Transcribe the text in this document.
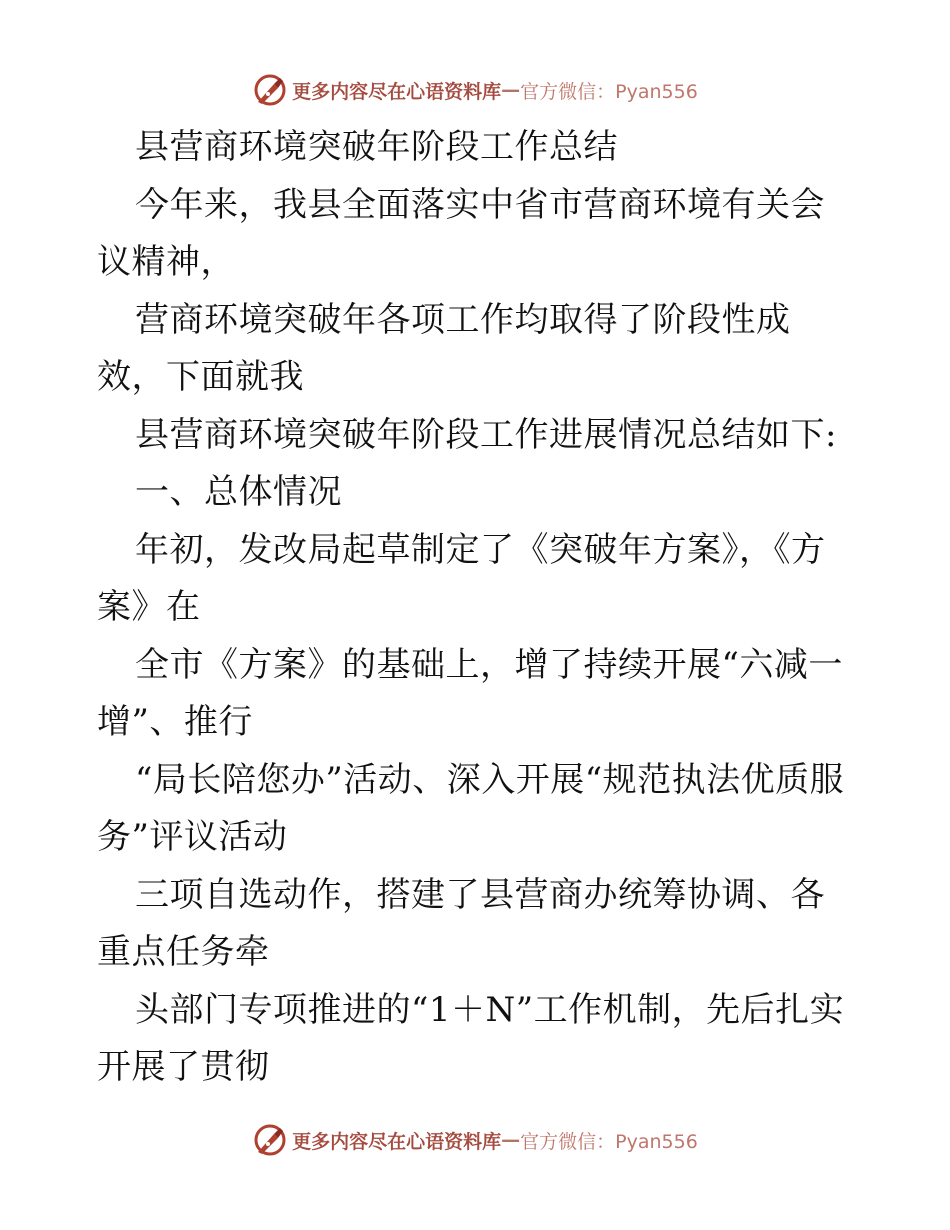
更多内容尽在心语资料库 — 官方微信：Pyan556

县营商环境突破年阶段工作总结

今年来，我县全面落实中省市营商环境有关会议精神，

营商环境突破年各项工作均取得了阶段性成效，下面就我

县营商环境突破年阶段工作进展情况总结如下:

一、总体情况

年初，发改局起草制定了《突破年方案》，《方案》在

全市《方案》的基础上，增了持续开展“六减一增”、推行

“局长陪您办”活动、深入开展“规范执法优质服务”评议活动

三项自选动作，搭建了县营商办统筹协调、各重点任务牵

头部门专项推进的“1＋N”工作机制，先后扎实开展了贯彻

更多内容尽在心语资料库 — 官方微信：Pyan556
